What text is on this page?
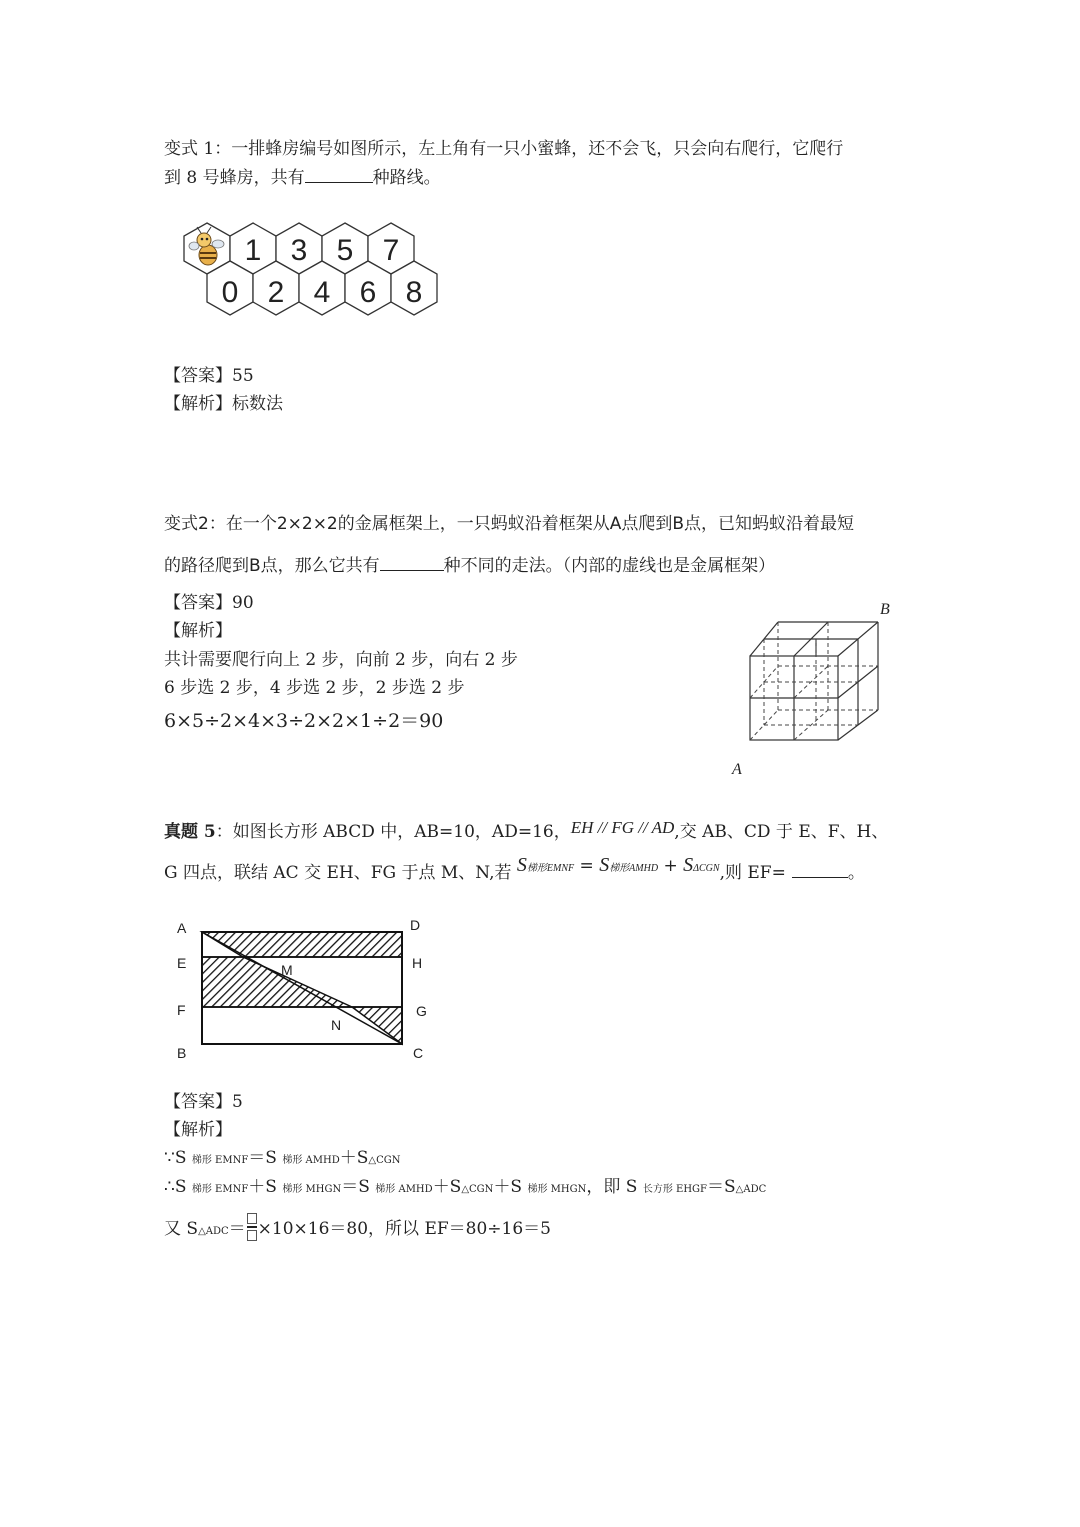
变式 1：一排蜂房编号如图所示，左上角有一只小蜜蜂，还不会飞，只会向右爬行，它爬行
到 8 号蜂房，共有	种路线。
1 3 5 7
0 2 4 6 8
【答案】55
【解析】标数法
变式2：在一个2×2×2的金属框架上，一只蚂蚁沿着框架从A点爬到B点，已知蚂蚁沿着最短
的路径爬到B点，那么它共有	种不同的走法。（内部的虚线也是金属框架）
【答案】90
【解析】
共计需要爬行向上 2 步，向前 2 步，向右 2 步
6 步选 2 步，4 步选 2 步，2 步选 2 步
6×5÷2×4×3÷2×2×1÷2＝90
A
B
真题 5：如图长方形 ABCD 中，AB=10，AD=16，EH // FG // AD,交 AB、CD 于 E、F、H、
G 四点，联结 AC 交 EH、FG 于点 M、N,若 S梯形EMNF = S梯形AMHD + SΔCGN,则 EF=	。
A	D
E	H
M
F	G
N
B	C
【答案】5
【解析】
∵S 梯形 EMNF＝S 梯形 AMHD＋S△CGN
∴S 梯形 EMNF＋S 梯形 MHGN＝S 梯形 AMHD＋S△CGN＋S 梯形 MHGN，即 S 长方形 EHGF＝S△ADC
又 S△ADC＝ ×10×16＝80，所以 EF＝80÷16＝5
